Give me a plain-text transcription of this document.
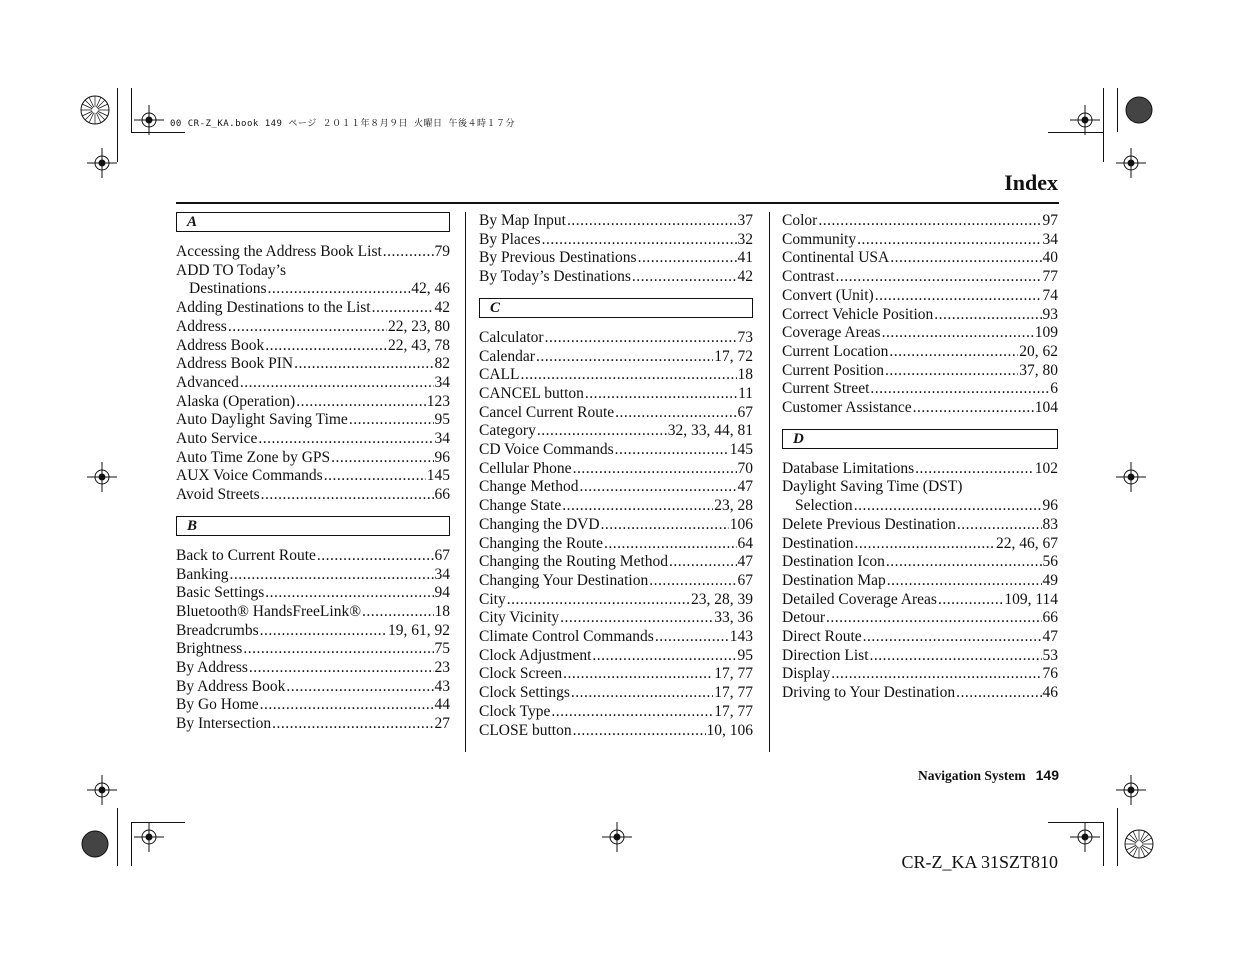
00 CR-Z_KA.book 149 ページ ２０１１年８月９日 火曜日 午後４時１７分
Index
A
Accessing the Address Book List .....	79
ADD TO Today’s
Destinations .....	42, 46
Adding Destinations to the List .....	42
Address .....	22, 23, 80
Address Book .....	22, 43, 78
Address Book PIN .....	82
Advanced .....	34
Alaska (Operation) .....	123
Auto Daylight Saving Time .....	95
Auto Service .....	34
Auto Time Zone by GPS .....	96
AUX Voice Commands .....	145
Avoid Streets .....	66
B
Back to Current Route .....	67
Banking .....	34
Basic Settings .....	94
Bluetooth® HandsFreeLink® .....	18
Breadcrumbs .....	19, 61, 92
Brightness .....	75
By Address .....	23
By Address Book .....	43
By Go Home .....	44
By Intersection .....	27
By Map Input .....	37
By Places .....	32
By Previous Destinations .....	41
By Today’s Destinations .....	42
C
Calculator .....	73
Calendar .....	17, 72
CALL .....	18
CANCEL button .....	11
Cancel Current Route .....	67
Category .....	32, 33, 44, 81
CD Voice Commands .....	145
Cellular Phone .....	70
Change Method .....	47
Change State .....	23, 28
Changing the DVD .....	106
Changing the Route .....	64
Changing the Routing Method .....	47
Changing Your Destination .....	67
City .....	23, 28, 39
City Vicinity .....	33, 36
Climate Control Commands .....	143
Clock Adjustment .....	95
Clock Screen .....	17, 77
Clock Settings .....	17, 77
Clock Type .....	17, 77
CLOSE button .....	10, 106
Color .....	97
Community .....	34
Continental USA .....	40
Contrast .....	77
Convert (Unit) .....	74
Correct Vehicle Position .....	93
Coverage Areas .....	109
Current Location .....	20, 62
Current Position .....	37, 80
Current Street .....	6
Customer Assistance .....	104
D
Database Limitations .....	102
Daylight Saving Time (DST)
Selection .....	96
Delete Previous Destination .....	83
Destination .....	22, 46, 67
Destination Icon .....	56
Destination Map .....	49
Detailed Coverage Areas .....	109, 114
Detour .....	66
Direct Route .....	47
Direction List .....	53
Display .....	76
Driving to Your Destination .....	46
Navigation System 149
CR-Z_KA 31SZT810
